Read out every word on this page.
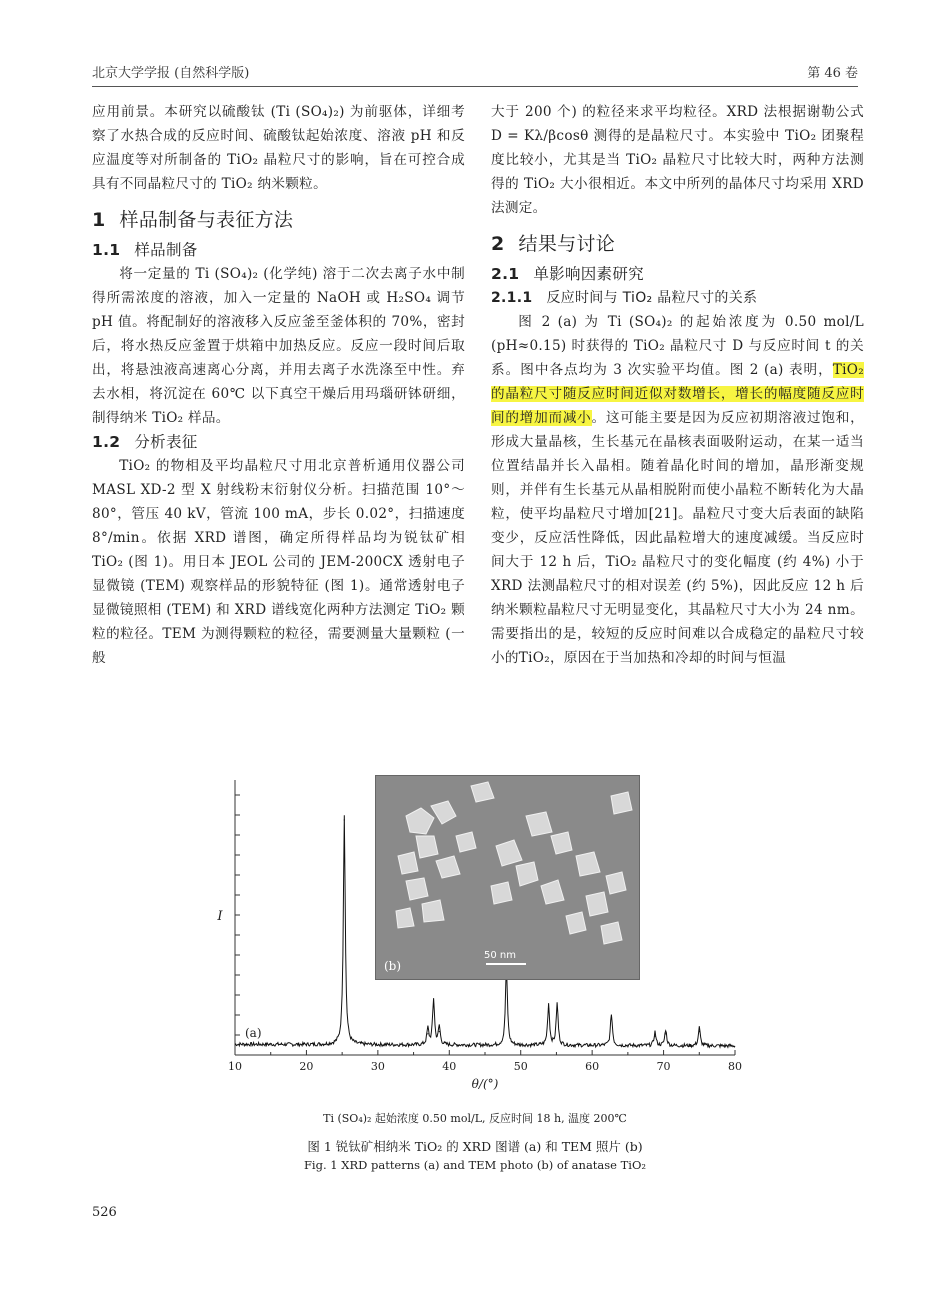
北京大学学报 (自然科学版)	第 46 卷

应用前景。本研究以硫酸钛 (Ti (SO₄)₂) 为前驱体，详细考察了水热合成的反应时间、硫酸钛起始浓度、溶液 pH 和反应温度等对所制备的 TiO₂ 晶粒尺寸的影响，旨在可控合成具有不同晶粒尺寸的 TiO₂ 纳米颗粒。

1 样品制备与表征方法
1.1 样品制备

将一定量的 Ti (SO₄)₂ (化学纯) 溶于二次去离子水中制得所需浓度的溶液，加入一定量的 NaOH 或 H₂SO₄ 调节 pH 值。将配制好的溶液移入反应釜至釜体积的 70%，密封后，将水热反应釜置于烘箱中加热反应。反应一段时间后取出，将悬浊液高速离心分离，并用去离子水洗涤至中性。弃去水相，将沉淀在 60℃ 以下真空干燥后用玛瑙研钵研细，制得纳米 TiO₂ 样品。

1.2 分析表征

TiO₂ 的物相及平均晶粒尺寸用北京普析通用仪器公司 MASL XD-2 型 X 射线粉末衍射仪分析。扫描范围 10°～80°，管压 40 kV，管流 100 mA，步长 0.02°，扫描速度 8°/min。依据 XRD 谱图，确定所得样品均为锐钛矿相 TiO₂ (图 1)。用日本 JEOL 公司的 JEM-200CX 透射电子显微镜 (TEM) 观察样品的形貌特征 (图 1)。通常透射电子显微镜照相 (TEM) 和 XRD 谱线宽化两种方法测定 TiO₂ 颗粒的粒径。TEM 为测得颗粒的粒径，需要测量大量颗粒 (一般

大于 200 个) 的粒径来求平均粒径。XRD 法根据谢勒公式 D = Kλ/βcosθ 测得的是晶粒尺寸。本实验中 TiO₂ 团聚程度比较小，尤其是当 TiO₂ 晶粒尺寸比较大时，两种方法测得的 TiO₂ 大小很相近。本文中所列的晶体尺寸均采用 XRD 法测定。

2 结果与讨论
2.1 单影响因素研究
2.1.1 反应时间与 TiO₂ 晶粒尺寸的关系

图 2 (a) 为 Ti (SO₄)₂ 的起始浓度为 0.50 mol/L (pH≈0.15) 时获得的 TiO₂ 晶粒尺寸 D 与反应时间 t 的关系。图中各点均为 3 次实验平均值。图 2 (a) 表明，TiO₂ 的晶粒尺寸随反应时间近似对数增长，增长的幅度随反应时间的增加而减小。这可能主要是因为反应初期溶液过饱和，形成大量晶核，生长基元在晶核表面吸附运动，在某一适当位置结晶并长入晶相。随着晶化时间的增加，晶形渐变规则，并伴有生长基元从晶相脱附而使小晶粒不断转化为大晶粒，使平均晶粒尺寸增加[21]。晶粒尺寸变大后表面的缺陷变少，反应活性降低，因此晶粒增大的速度减缓。当反应时间大于 12 h 后，TiO₂ 晶粒尺寸的变化幅度 (约 4%) 小于 XRD 法测晶粒尺寸的相对误差 (约 5%)，因此反应 12 h 后纳米颗粒晶粒尺寸无明显变化，其晶粒尺寸大小为 24 nm。需要指出的是，较短的反应时间难以合成稳定的晶粒尺寸较小的TiO₂，原因在于当加热和冷却的时间与恒温

10	20	30	40	50	60	70	80
θ/(°)
I
(a)
(b)
50 nm
Ti (SO₄)₂ 起始浓度 0.50 mol/L, 反应时间 18 h, 温度 200℃
图 1 锐钛矿相纳米 TiO₂ 的 XRD 图谱 (a) 和 TEM 照片 (b)
Fig. 1 XRD patterns (a) and TEM photo (b) of anatase TiO₂
526
